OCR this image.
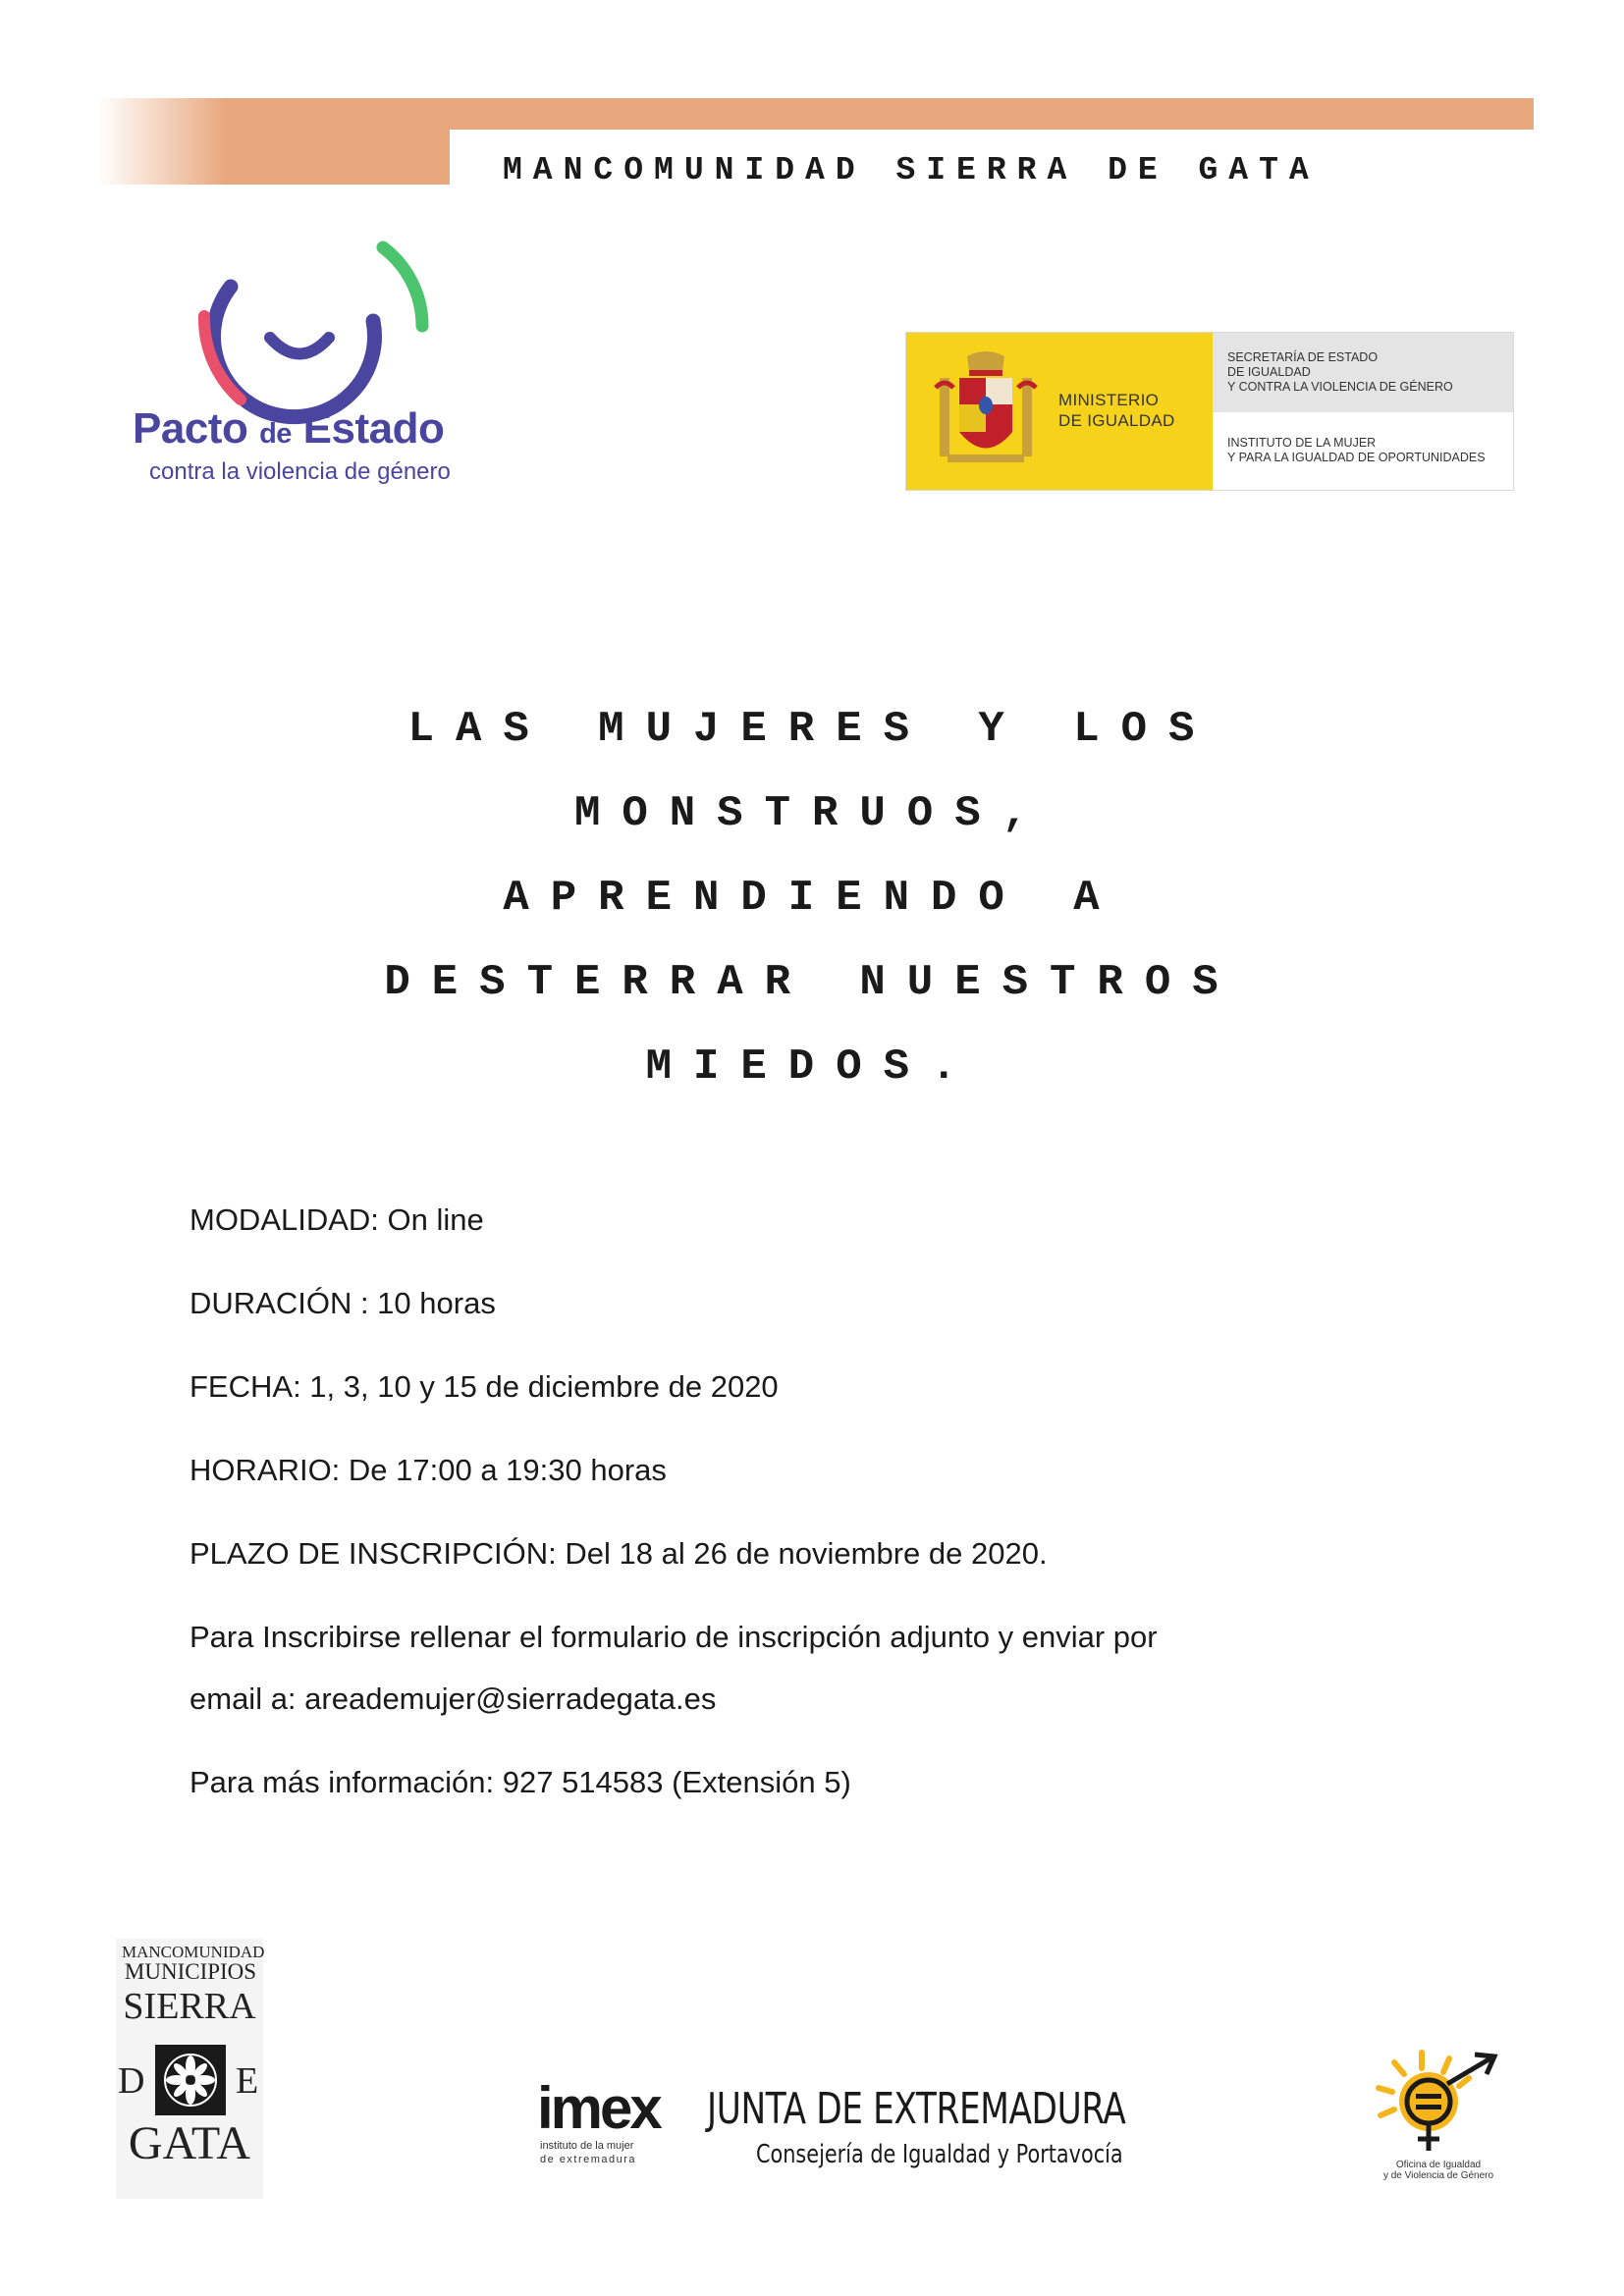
MANCOMUNIDAD SIERRA DE GATA
Pacto de Estado
contra la violencia de género
MINISTERIO
DE IGUALDAD
SECRETARÍA DE ESTADO
DE IGUALDAD
Y CONTRA LA VIOLENCIA DE GÉNERO
INSTITUTO DE LA MUJER
Y PARA LA IGUALDAD DE OPORTUNIDADES
LAS MUJERES Y LOS
MONSTRUOS,
APRENDIENDO A
DESTERRAR NUESTROS
MIEDOS.
MODALIDAD: On line
DURACIÓN : 10 horas
FECHA: 1, 3, 10 y 15 de diciembre de 2020
HORARIO: De 17:00 a 19:30 horas
PLAZO DE INSCRIPCIÓN: Del 18 al 26 de noviembre de 2020.
Para Inscribirse rellenar el formulario de inscripción adjunto y enviar por
email a: areademujer@sierradegata.es
Para más información: 927 514583 (Extensión 5)
MANCOMUNIDAD
MUNICIPIOS
SIERRA
D E
GATA
imex
instituto de la mujer
de extremadura
JUNTA DE EXTREMADURA
Consejería de Igualdad y Portavocía	Oficina de Igualdad
y de Violencia de Género
